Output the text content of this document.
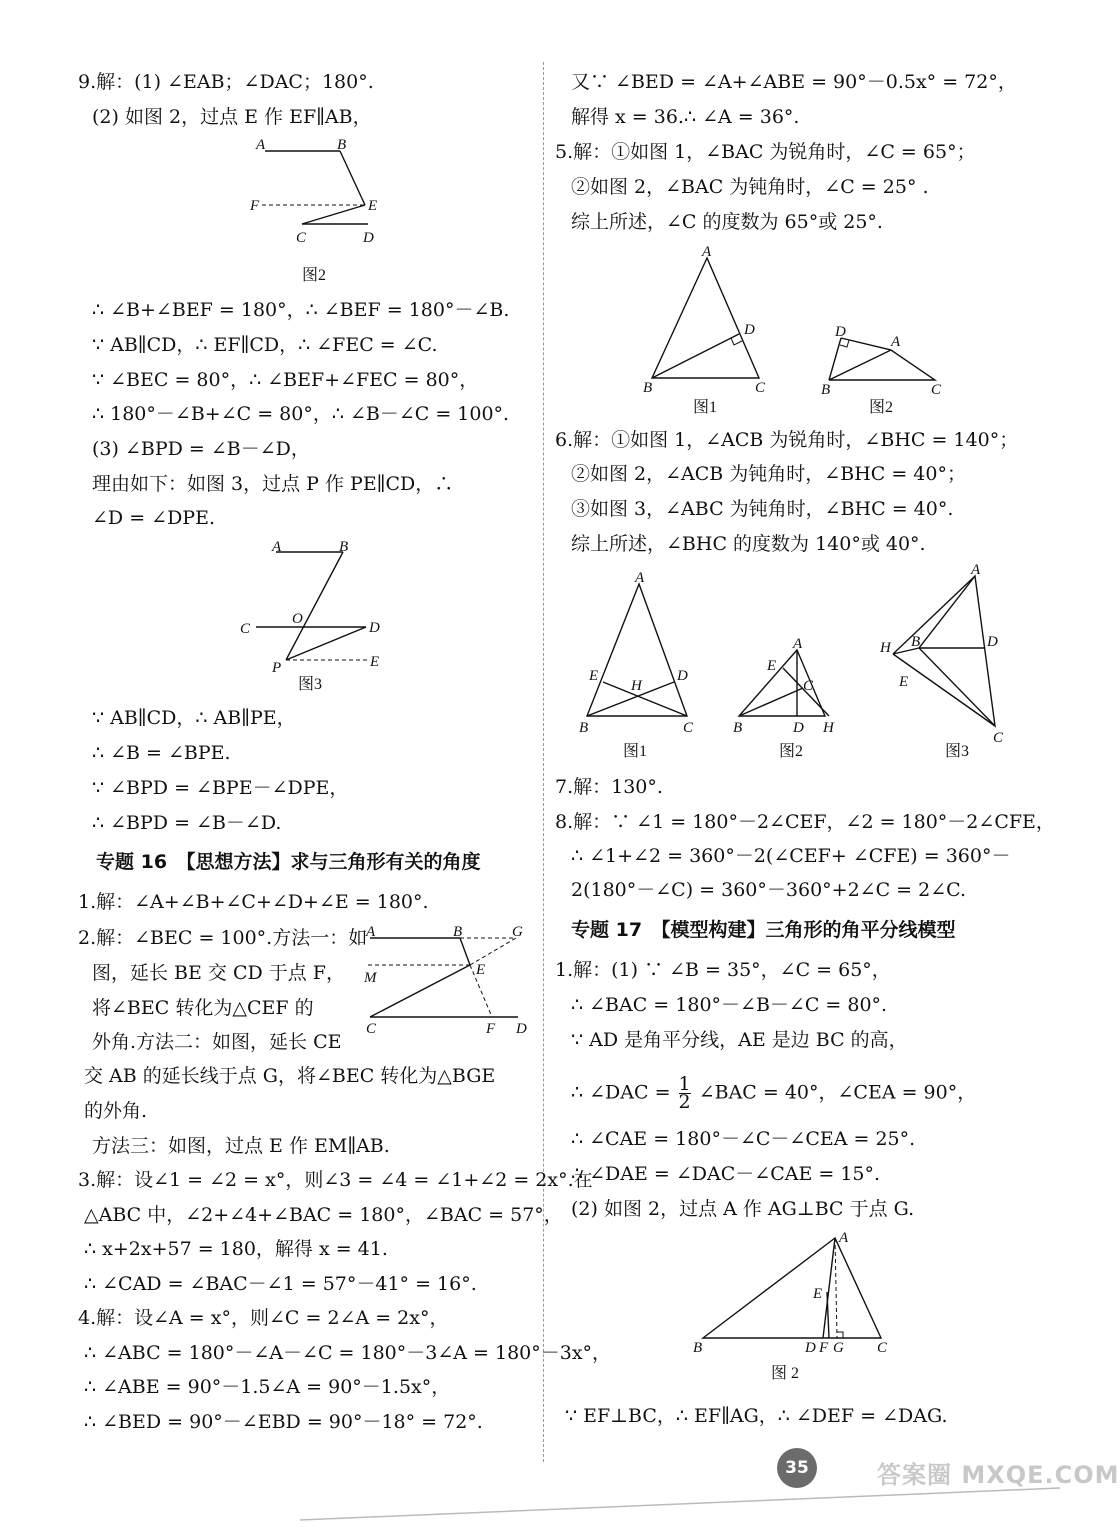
9.解：(1) ∠EAB；∠DAC；180°.
(2) 如图 2，过点 E 作 EF∥AB，
A	B
F	E
C	D
图2
∴ ∠B+∠BEF = 180°，∴ ∠BEF = 180°－∠B.
∵ AB∥CD，∴ EF∥CD，∴ ∠FEC = ∠C.
∵ ∠BEC = 80°，∴ ∠BEF+∠FEC = 80°，
∴ 180°－∠B+∠C = 80°，∴ ∠B－∠C = 100°.
(3) ∠BPD = ∠B－∠D，
理由如下：如图 3，过点 P 作 PE∥CD，∴
∠D = ∠DPE.
A	B
C
O
D
P	E
图3
∵ AB∥CD，∴ AB∥PE，
∴ ∠B = ∠BPE.
∵ ∠BPD = ∠BPE－∠DPE，
∴ ∠BPD = ∠B－∠D.
专题 16　【思想方法】求与三角形有关的角度
1.解：∠A+∠B+∠C+∠D+∠E = 180°.
2.解：∠BEC = 100°.方法一：如
图，延长 BE 交 CD 于点 F，
将∠BEC 转化为△CEF 的
外角.方法二：如图，延长 CE
A	B	G
M	E
C	F D
交 AB 的延长线于点 G，将∠BEC 转化为△BGE
的外角.
方法三：如图，过点 E 作 EM∥AB.
3.解：设∠1 = ∠2 = x°，则∠3 = ∠4 = ∠1+∠2 = 2x°.在
△ABC 中，∠2+∠4+∠BAC = 180°，∠BAC = 57°，
∴ x+2x+57 = 180，解得 x = 41.
∴ ∠CAD = ∠BAC－∠1 = 57°－41° = 16°.
4.解：设∠A = x°，则∠C = 2∠A = 2x°，
∴ ∠ABC = 180°－∠A－∠C = 180°－3∠A = 180°－3x°，
∴ ∠ABE = 90°－1.5∠A = 90°－1.5x°，
∴ ∠BED = 90°－∠EBD = 90°－18° = 72°.
又∵ ∠BED = ∠A+∠ABE = 90°－0.5x° = 72°，
解得 x = 36.∴ ∠A = 36°.
5.解：①如图 1，∠BAC 为锐角时，∠C = 65°；
②如图 2，∠BAC 为钝角时，∠C = 25° .
综上所述，∠C 的度数为 65°或 25°.
A
B	C
D
图1
D
A
B	C
图2
6.解：①如图 1，∠ACB 为锐角时，∠BHC = 140°；
②如图 2，∠ACB 为钝角时，∠BHC = 40°；
③如图 3，∠ABC 为钝角时，∠BHC = 40°.
综上所述，∠BHC 的度数为 140°或 40°.
A
E	D
H
B	C
图1
A
E
C
B	D H
图2
A
H B	D
E
C
图3
7.解：130°.
8.解：∵ ∠1 = 180°－2∠CEF，∠2 = 180°－2∠CFE，
∴ ∠1+∠2 = 360°－2(∠CEF+ ∠CFE) = 360°－
2(180°－∠C) = 360°－360°+2∠C = 2∠C.
专题 17　【模型构建】三角形的角平分线模型
1.解：(1) ∵ ∠B = 35°，∠C = 65°，
∴ ∠BAC = 180°－∠B－∠C = 80°.
∵ AD 是角平分线，AE 是边 BC 的高，
∴ ∠DAC = $\frac{1}{2}$ ∠BAC = 40°，∠CEA = 90°，
∴ ∠CAE = 180°－∠C－∠CEA = 25°.
∴ ∠DAE = ∠DAC－∠CAE = 15°.
(2) 如图 2，过点 A 作 AG⊥BC 于点 G.
A
E
B	D F G C
图 2
∵ EF⊥BC，∴ EF∥AG，∴ ∠DEF = ∠DAG.
35	答案圈 MXQE.COM
